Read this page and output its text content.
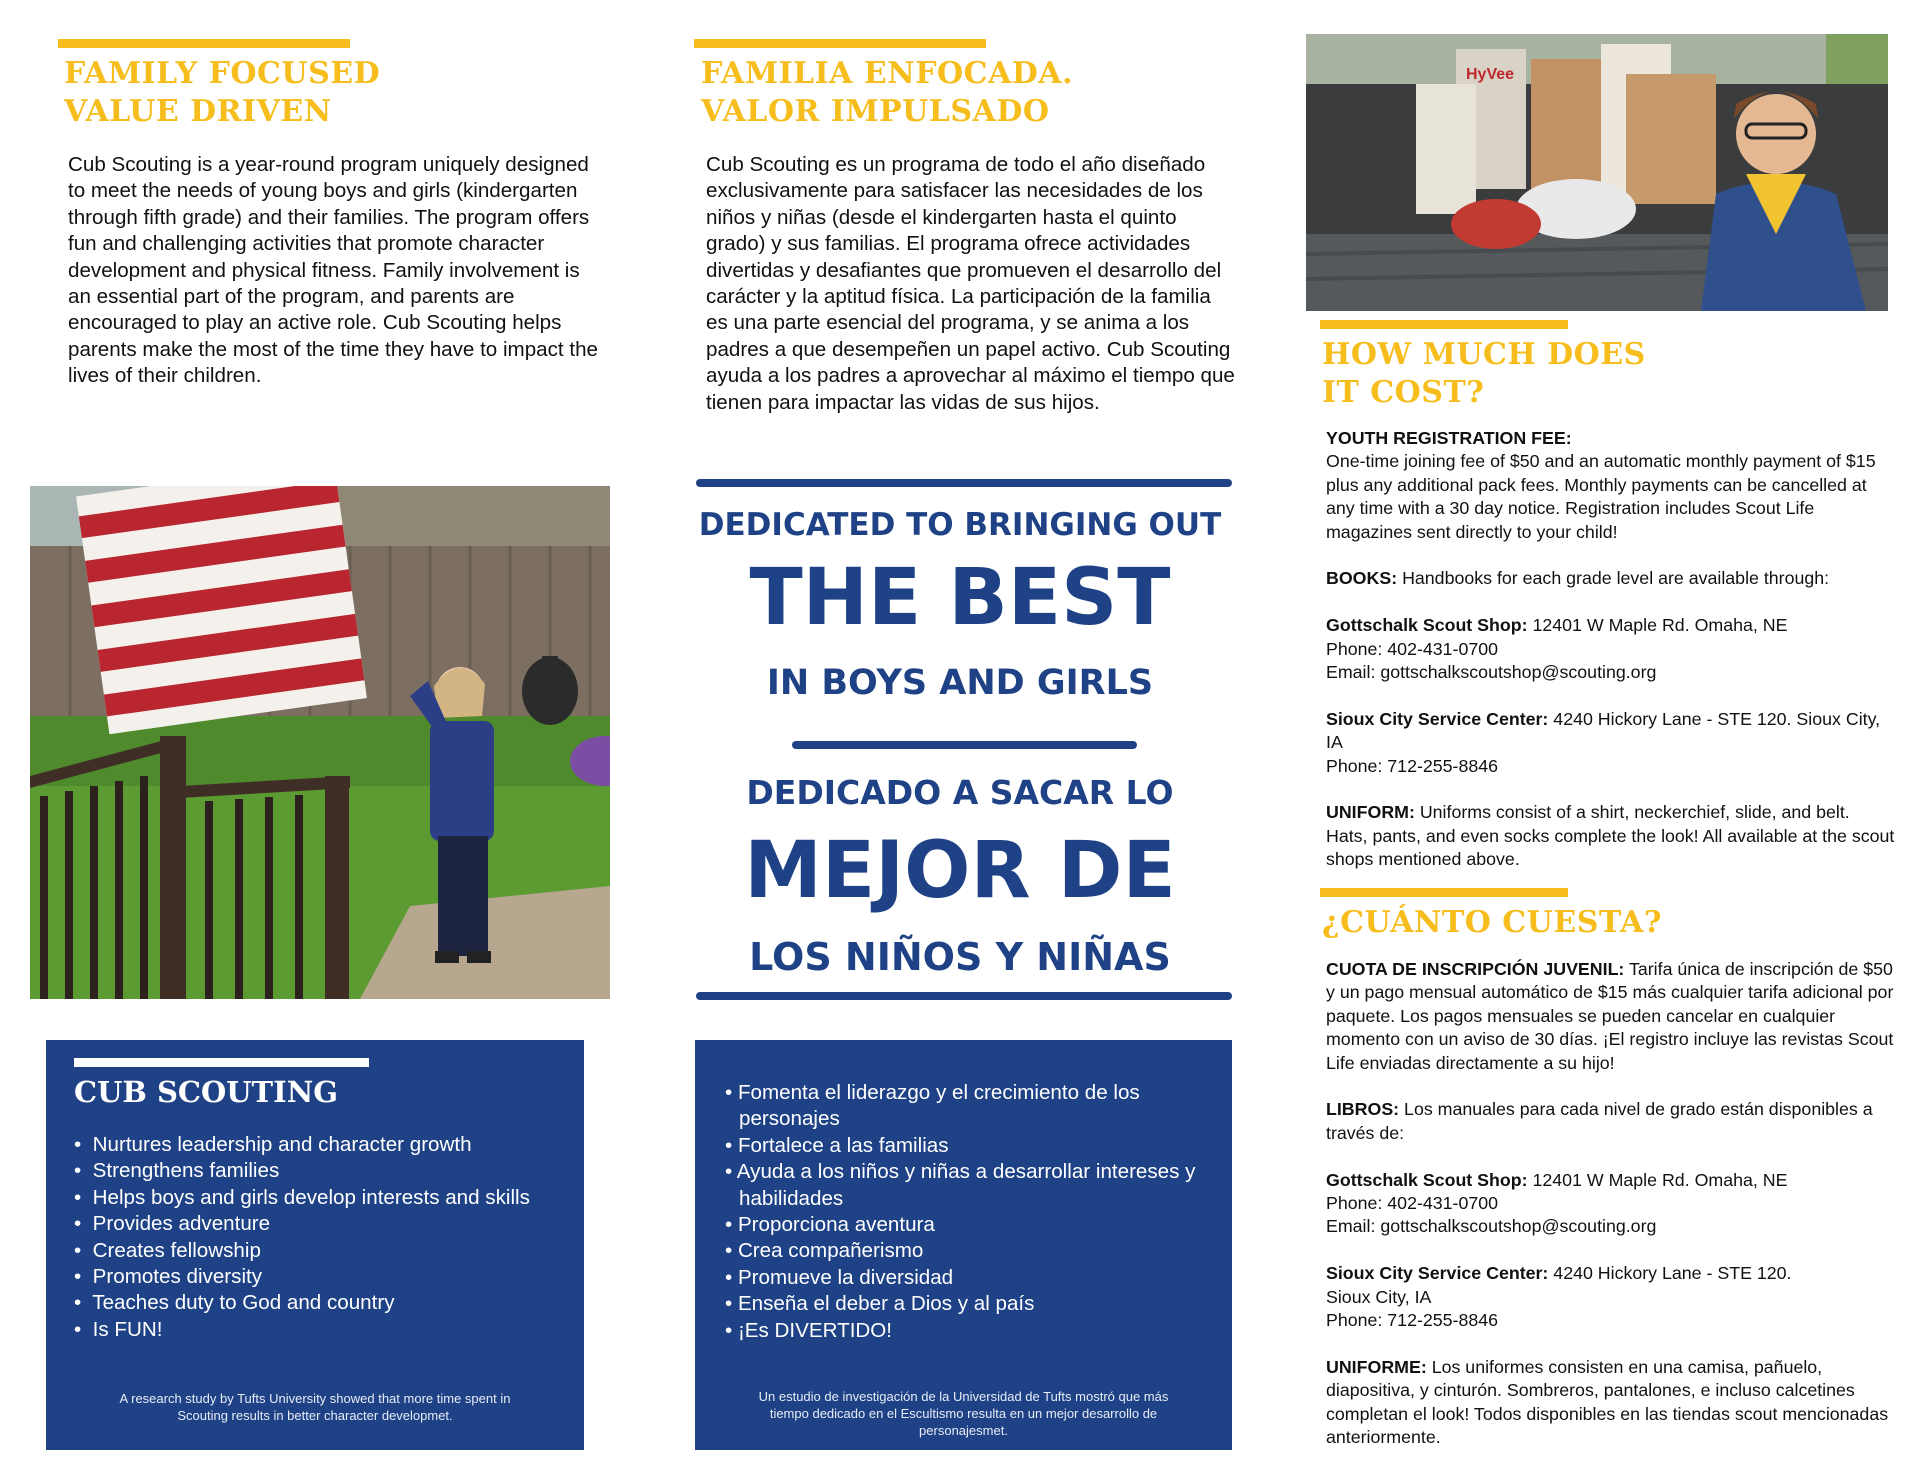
FAMILY FOCUSED
VALUE DRIVEN

Cub Scouting is a year-round program uniquely designed to meet the needs of young boys and girls (kindergarten through fifth grade) and their families. The program offers fun and challenging activities that promote character development and physical fitness. Family involvement is an essential part of the program, and parents are encouraged to play an active role. Cub Scouting helps parents make the most of the time they have to impact the lives of their children.

CUB SCOUTING
•  Nurtures leadership and character growth
•  Strengthens families
•  Helps boys and girls develop interests and skills
•  Provides adventure
•  Creates fellowship
•  Promotes diversity
•  Teaches duty to God and country
•  Is FUN!
A research study by Tufts University showed that more time spent in Scouting results in better character developmet.
FAMILIA ENFOCADA.
VALOR IMPULSADO

Cub Scouting es un programa de todo el año diseñado exclusivamente para satisfacer las necesidades de los niños y niñas (desde el kindergarten hasta el quinto grado) y sus familias. El programa ofrece actividades divertidas y desafiantes que promueven el desarrollo del carácter y la aptitud física. La participación de la familia es una parte esencial del programa, y se anima a los padres a que desempeñen un papel activo. Cub Scouting ayuda a los padres a aprovechar al máximo el tiempo que tienen para impactar las vidas de sus hijos.

DEDICATED TO BRINGING OUT
THE BEST
IN BOYS AND GIRLS
DEDICADO A SACAR LO
MEJOR DE
LOS NIÑOS Y NIÑAS
• Fomenta el liderazgo y el crecimiento de los personajes
• Fortalece a las familias
• Ayuda a los niños y niñas a desarrollar intereses y habilidades
• Proporciona aventura
• Crea compañerismo
• Promueve la diversidad
• Enseña el deber a Dios y al país
• ¡Es DIVERTIDO!
Un estudio de investigación de la Universidad de Tufts mostró que más tiempo dedicado en el Escultismo resulta en un mejor desarrollo de personajesmet.
HyVee
HOW MUCH DOES
IT COST?

YOUTH REGISTRATION FEE:
One-time joining fee of $50 and an automatic monthly payment of $15 plus any additional pack fees. Monthly payments can be cancelled at any time with a 30 day notice. Registration includes Scout Life magazines sent directly to your child!

BOOKS: Handbooks for each grade level are available through:

Gottschalk Scout Shop: 12401 W Maple Rd. Omaha, NE
Phone: 402-431-0700
Email: gottschalkscoutshop@scouting.org

Sioux City Service Center: 4240 Hickory Lane - STE 120. Sioux City, IA
Phone: 712-255-8846

UNIFORM: Uniforms consist of a shirt, neckerchief, slide, and belt. Hats, pants, and even socks complete the look! All available at the scout shops mentioned above.

¿CUÁNTO CUESTA?

CUOTA DE INSCRIPCIÓN JUVENIL: Tarifa única de inscripción de $50 y un pago mensual automático de $15 más cualquier tarifa adicional por paquete. Los pagos mensuales se pueden cancelar en cualquier momento con un aviso de 30 días. ¡El registro incluye las revistas Scout Life enviadas directamente a su hijo!

LIBROS: Los manuales para cada nivel de grado están disponibles a través de:

Gottschalk Scout Shop: 12401 W Maple Rd. Omaha, NE
Phone: 402-431-0700
Email: gottschalkscoutshop@scouting.org

Sioux City Service Center: 4240 Hickory Lane - STE 120.
Sioux City, IA
Phone: 712-255-8846

UNIFORME: Los uniformes consisten en una camisa, pañuelo, diapositiva, y cinturón. Sombreros, pantalones, e incluso calcetines completan el look! Todos disponibles en las tiendas scout mencionadas anteriormente.
